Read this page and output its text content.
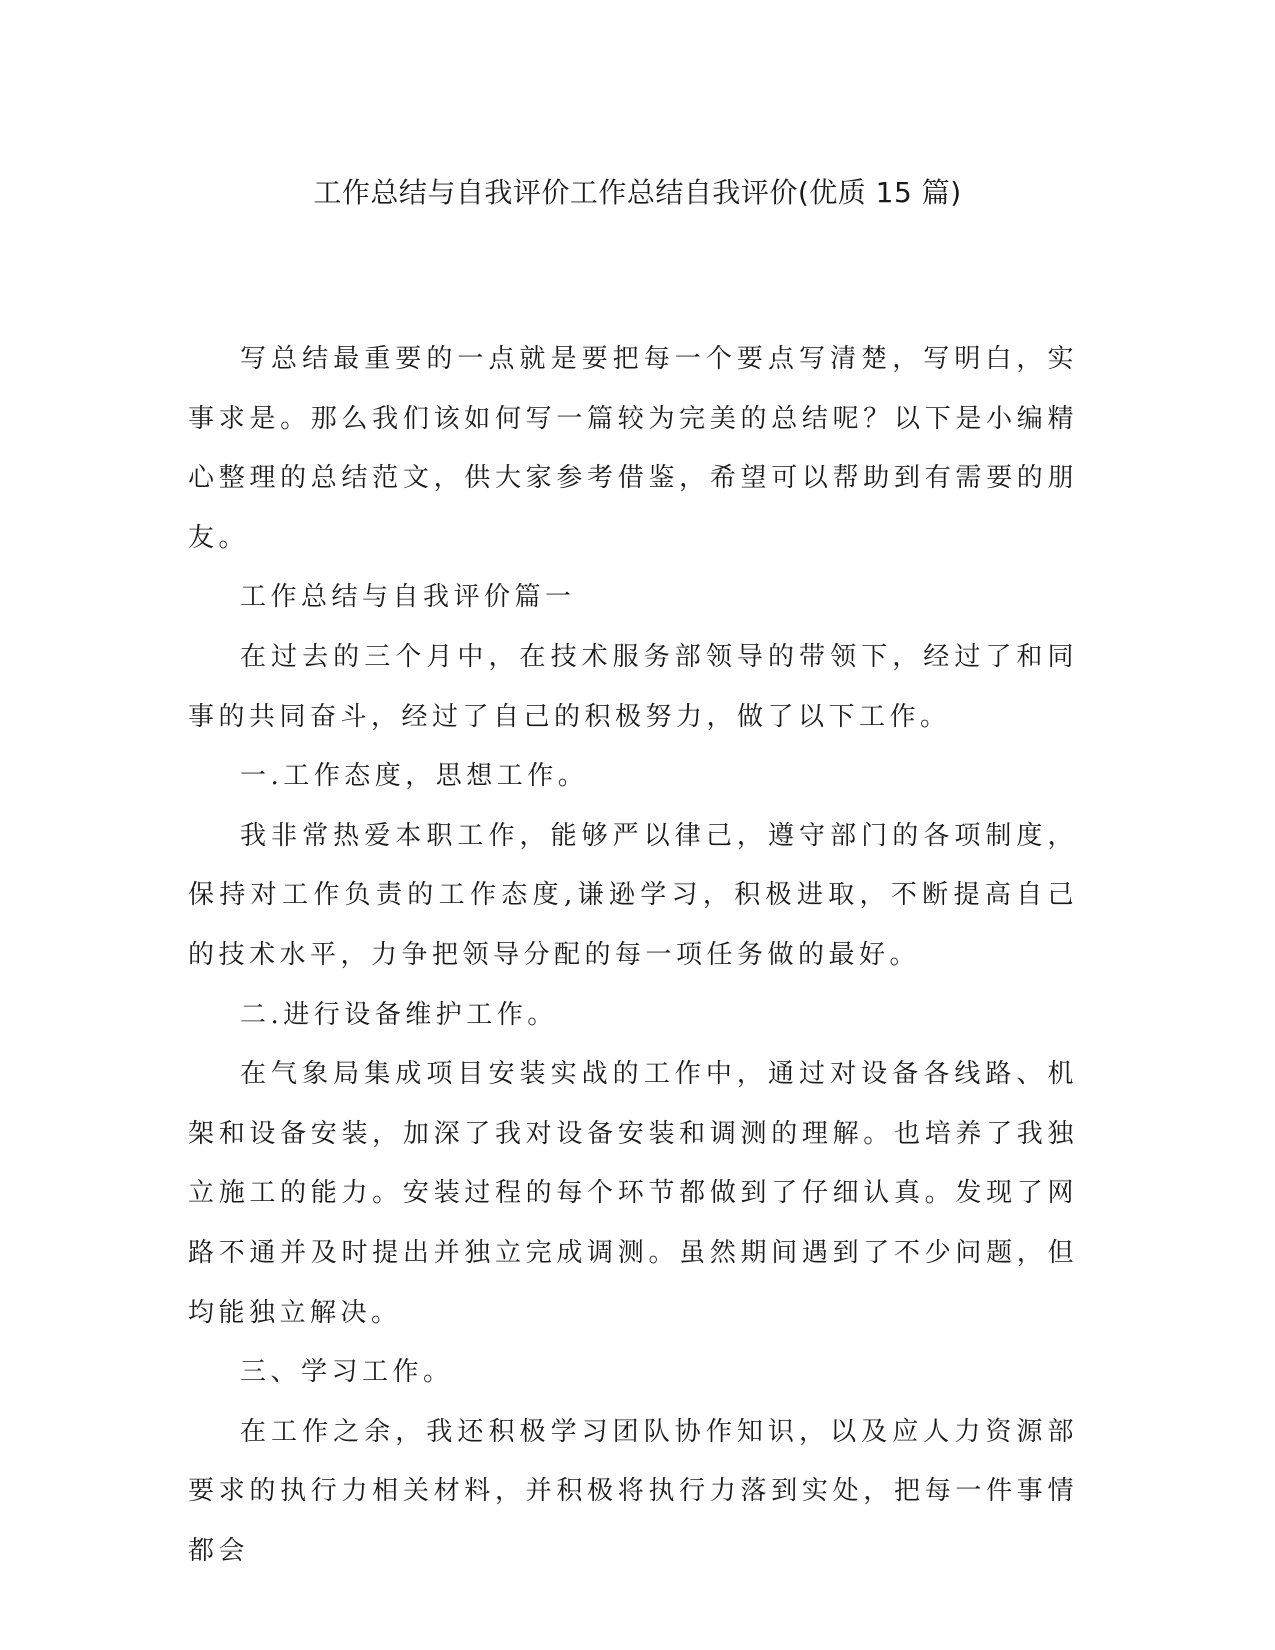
工作总结与自我评价工作总结自我评价(优质 15 篇)

写总结最重要的一点就是要把每一个要点写清楚，写明白，实事求是。那么我们该如何写一篇较为完美的总结呢？以下是小编精心整理的总结范文，供大家参考借鉴，希望可以帮助到有需要的朋友。

工作总结与自我评价篇一

在过去的三个月中，在技术服务部领导的带领下，经过了和同事的共同奋斗，经过了自己的积极努力，做了以下工作。

一.工作态度，思想工作。

我非常热爱本职工作，能够严以律己，遵守部门的各项制度，保持对工作负责的工作态度,谦逊学习，积极进取，不断提高自己的技术水平，力争把领导分配的每一项任务做的最好。

二.进行设备维护工作。

在气象局集成项目安装实战的工作中，通过对设备各线路、机架和设备安装，加深了我对设备安装和调测的理解。也培养了我独立施工的能力。安装过程的每个环节都做到了仔细认真。发现了网路不通并及时提出并独立完成调测。虽然期间遇到了不少问题，但均能独立解决。

三、学习工作。

在工作之余，我还积极学习团队协作知识，以及应人力资源部要求的执行力相关材料，并积极将执行力落到实处，把每一件事情都会
